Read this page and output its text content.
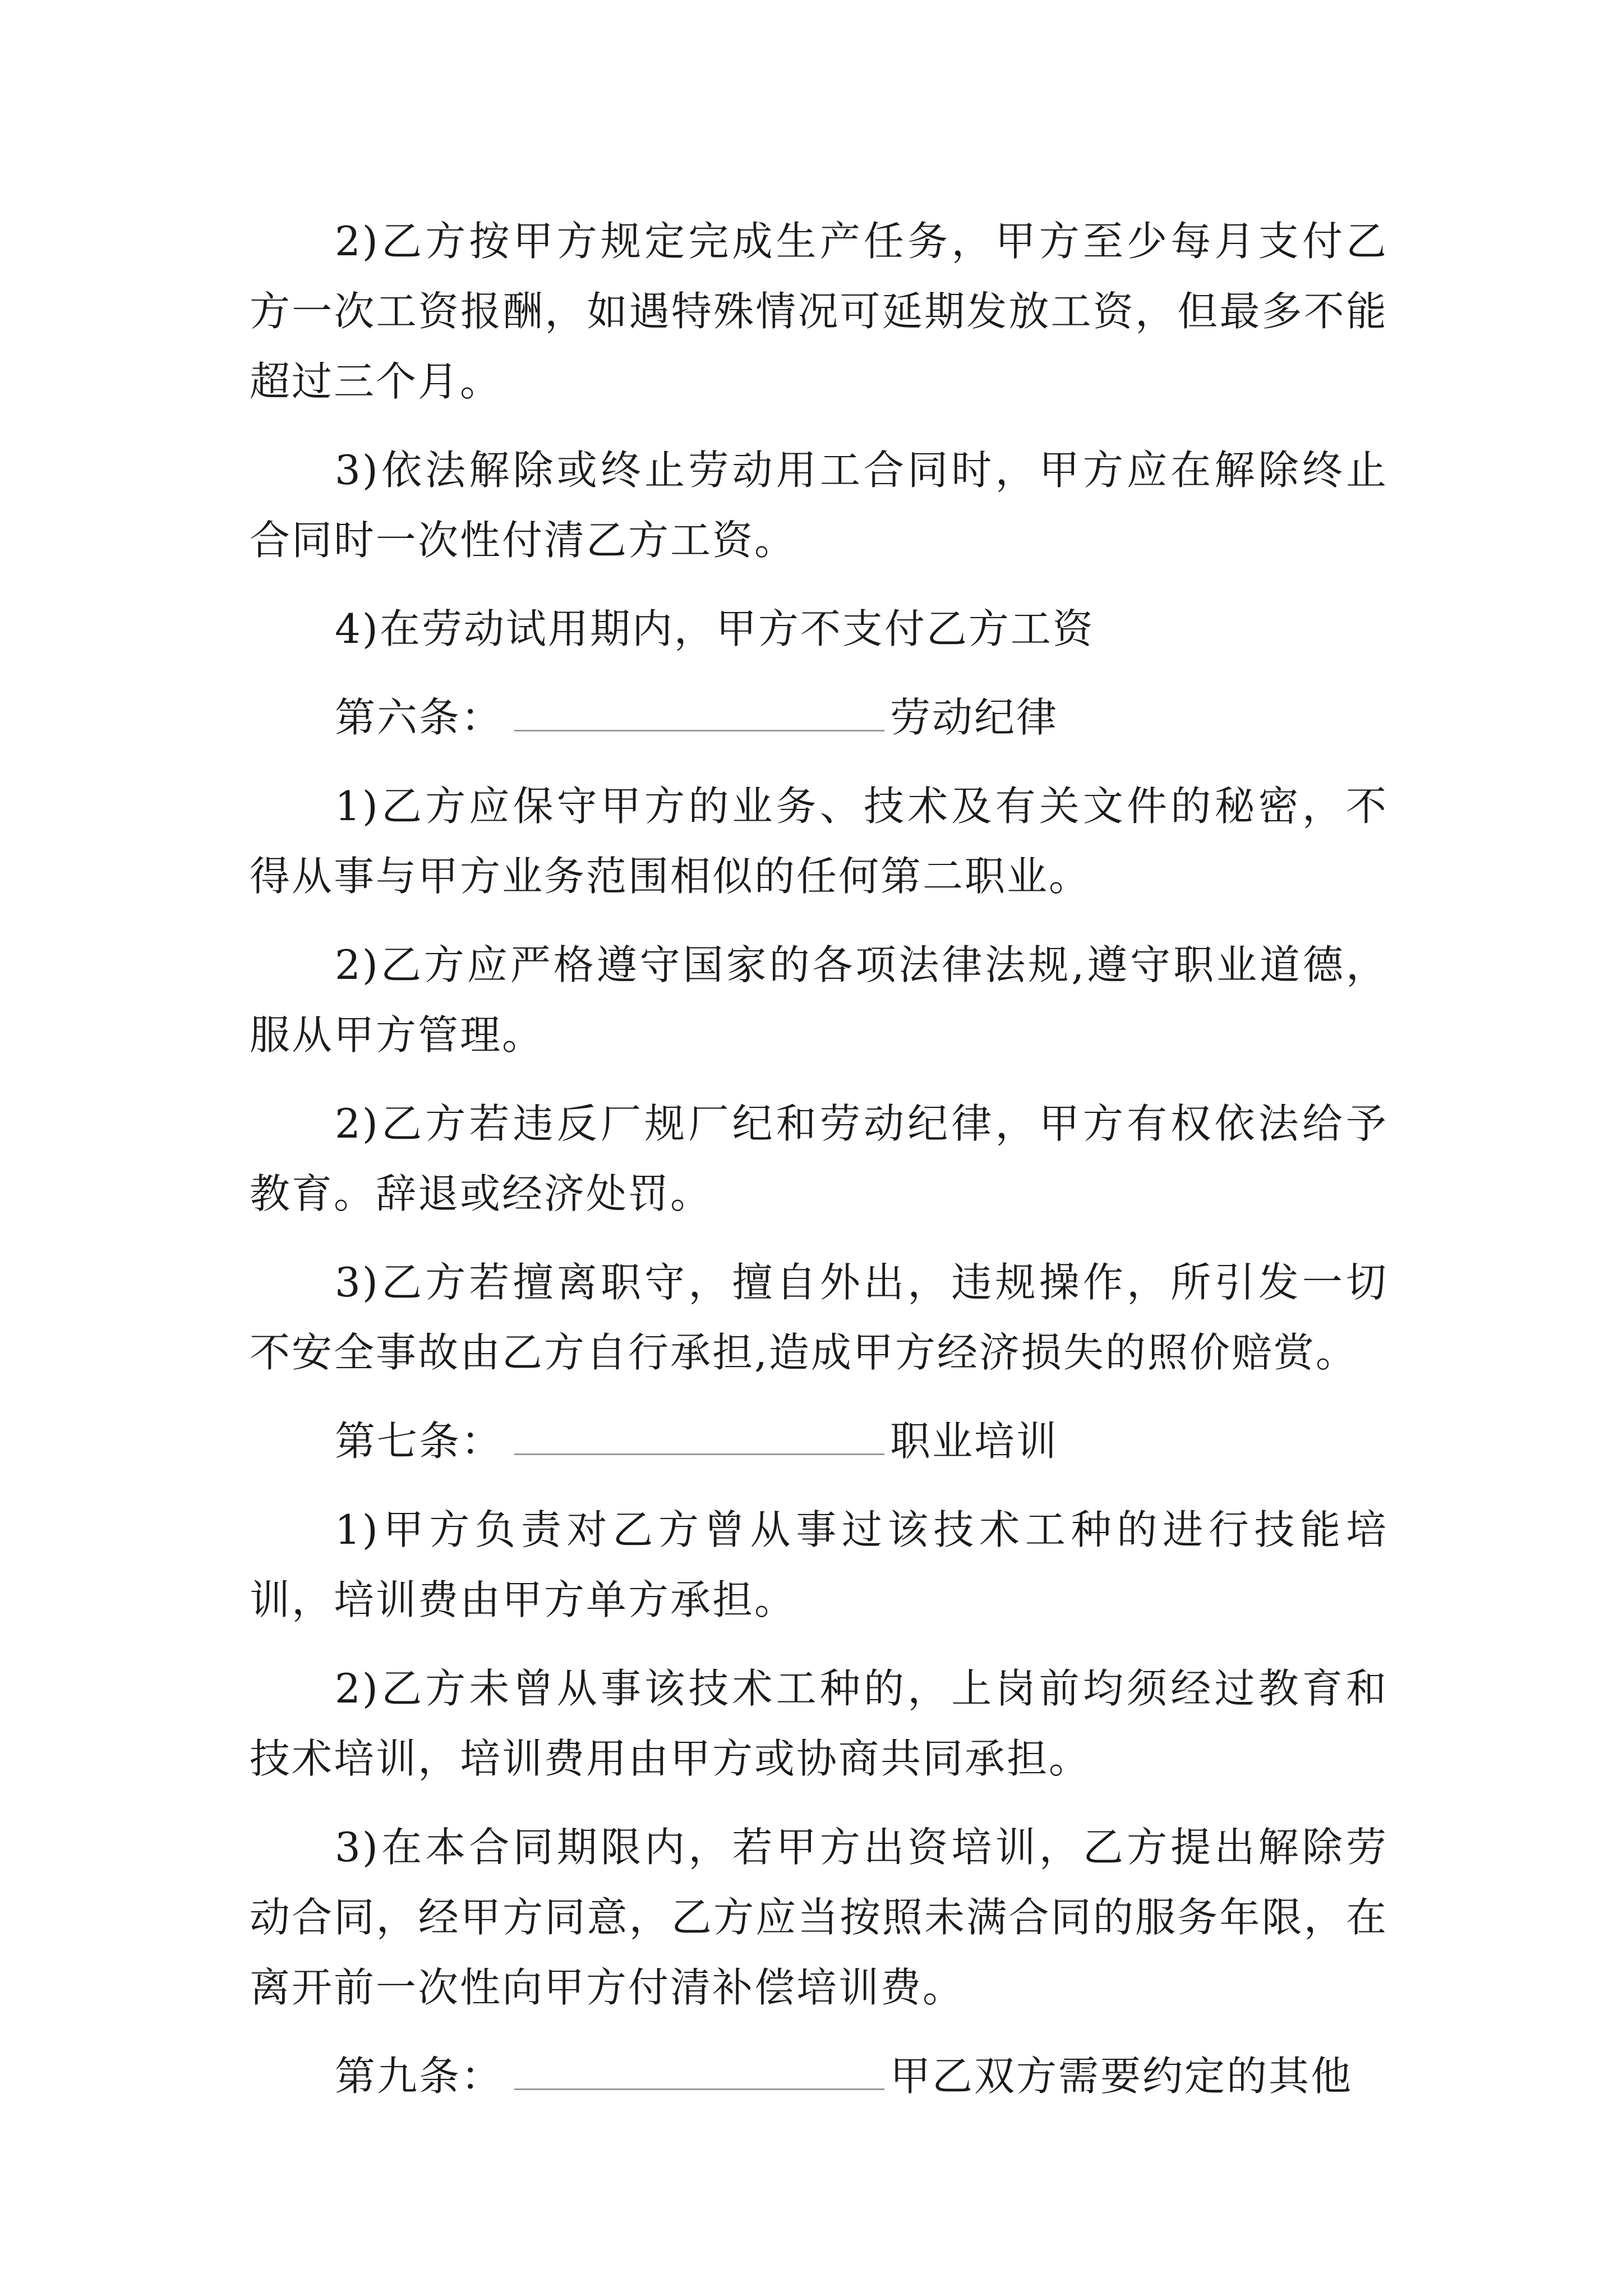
2)乙方按甲方规定完成生产任务，甲方至少每月支付乙方一次工资报酬，如遇特殊情况可延期发放工资，但最多不能超过三个月。

3)依法解除或终止劳动用工合同时，甲方应在解除终止合同时一次性付清乙方工资。

4)在劳动试用期内，甲方不支付乙方工资

第六条：	劳动纪律

1)乙方应保守甲方的业务、技术及有关文件的秘密，不得从事与甲方业务范围相似的任何第二职业。

2)乙方应严格遵守国家的各项法律法规,遵守职业道德，服从甲方管理。

2)乙方若违反厂规厂纪和劳动纪律，甲方有权依法给予教育。辞退或经济处罚。

3)乙方若擅离职守，擅自外出，违规操作，所引发一切不安全事故由乙方自行承担,造成甲方经济损失的照价赔赏。

第七条：	职业培训

1)甲方负责对乙方曾从事过该技术工种的进行技能培训，培训费由甲方单方承担。

2)乙方未曾从事该技术工种的，上岗前均须经过教育和技术培训，培训费用由甲方或协商共同承担。

3)在本合同期限内，若甲方出资培训，乙方提出解除劳动合同，经甲方同意，乙方应当按照未满合同的服务年限，在离开前一次性向甲方付清补偿培训费。

第九条：	甲乙双方需要约定的其他
